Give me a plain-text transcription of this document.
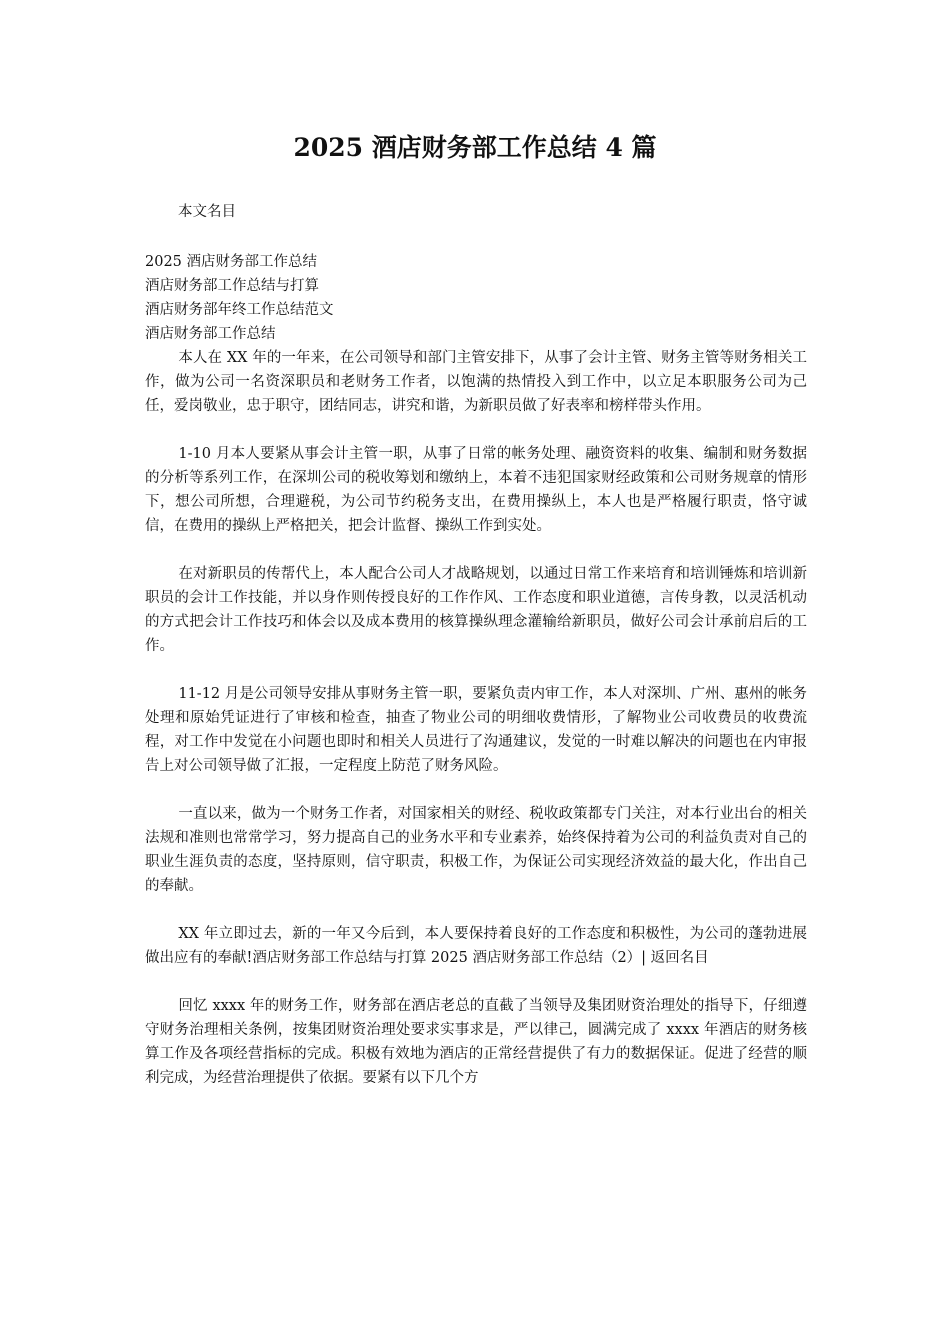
2025 酒店财务部工作总结 4 篇
本文名目
2025 酒店财务部工作总结
酒店财务部工作总结与打算
酒店财务部年终工作总结范文
酒店财务部工作总结

本人在 XX 年的一年来，在公司领导和部门主管安排下，从事了会计主管、财务主管等财务相关工作，做为公司一名资深职员和老财务工作者，以饱满的热情投入到工作中，以立足本职服务公司为己任，爱岗敬业，忠于职守，团结同志，讲究和谐，为新职员做了好表率和榜样带头作用。

1-10 月本人要紧从事会计主管一职，从事了日常的帐务处理、融资资料的收集、编制和财务数据的分析等系列工作，在深圳公司的税收筹划和缴纳上，本着不违犯国家财经政策和公司财务规章的情形下，想公司所想，合理避税，为公司节约税务支出，在费用操纵上，本人也是严格履行职责，恪守诚信，在费用的操纵上严格把关，把会计监督、操纵工作到实处。

在对新职员的传帮代上，本人配合公司人才战略规划，以通过日常工作来培育和培训锤炼和培训新职员的会计工作技能，并以身作则传授良好的工作作风、工作态度和职业道德，言传身教，以灵活机动的方式把会计工作技巧和体会以及成本费用的核算操纵理念灌输给新职员，做好公司会计承前启后的工作。

11-12 月是公司领导安排从事财务主管一职，要紧负责内审工作，本人对深圳、广州、惠州的帐务处理和原始凭证进行了审核和检查，抽查了物业公司的明细收费情形，了解物业公司收费员的收费流程，对工作中发觉在小问题也即时和相关人员进行了沟通建议，发觉的一时难以解决的问题也在内审报告上对公司领导做了汇报，一定程度上防范了财务风险。

一直以来，做为一个财务工作者，对国家相关的财经、税收政策都专门关注，对本行业出台的相关法规和准则也常常学习，努力提高自己的业务水平和专业素养，始终保持着为公司的利益负责对自己的职业生涯负责的态度，坚持原则，信守职责，积极工作，为保证公司实现经济效益的最大化，作出自己的奉献。

XX 年立即过去，新的一年又今后到，本人要保持着良好的工作态度和积极性，为公司的蓬勃进展做出应有的奉献!酒店财务部工作总结与打算 2025 酒店财务部工作总结（2）| 返回名目

回忆 xxxx 年的财务工作，财务部在酒店老总的直截了当领导及集团财资治理处的指导下，仔细遵守财务治理相关条例，按集团财资治理处要求实事求是，严以律己，圆满完成了 xxxx 年酒店的财务核算工作及各项经营指标的完成。积极有效地为酒店的正常经营提供了有力的数据保证。促进了经营的顺利完成，为经营治理提供了依据。要紧有以下几个方
